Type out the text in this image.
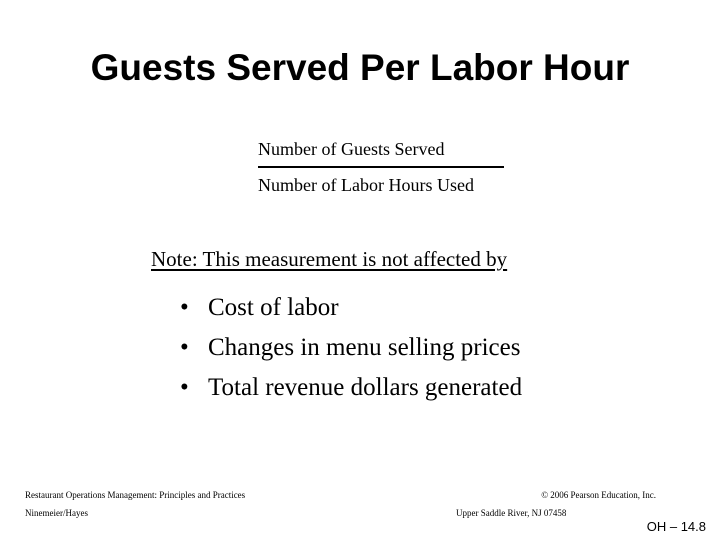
Guests Served Per Labor Hour
Number of Guests Served
Number of Labor Hours Used
Note: This measurement is not affected by
• Cost of labor
• Changes in menu selling prices
• Total revenue dollars generated
Restaurant Operations Management: Principles and Practices
Ninemeier/Hayes
© 2006 Pearson Education, Inc.
Upper Saddle River, NJ 07458
OH – 14.8
